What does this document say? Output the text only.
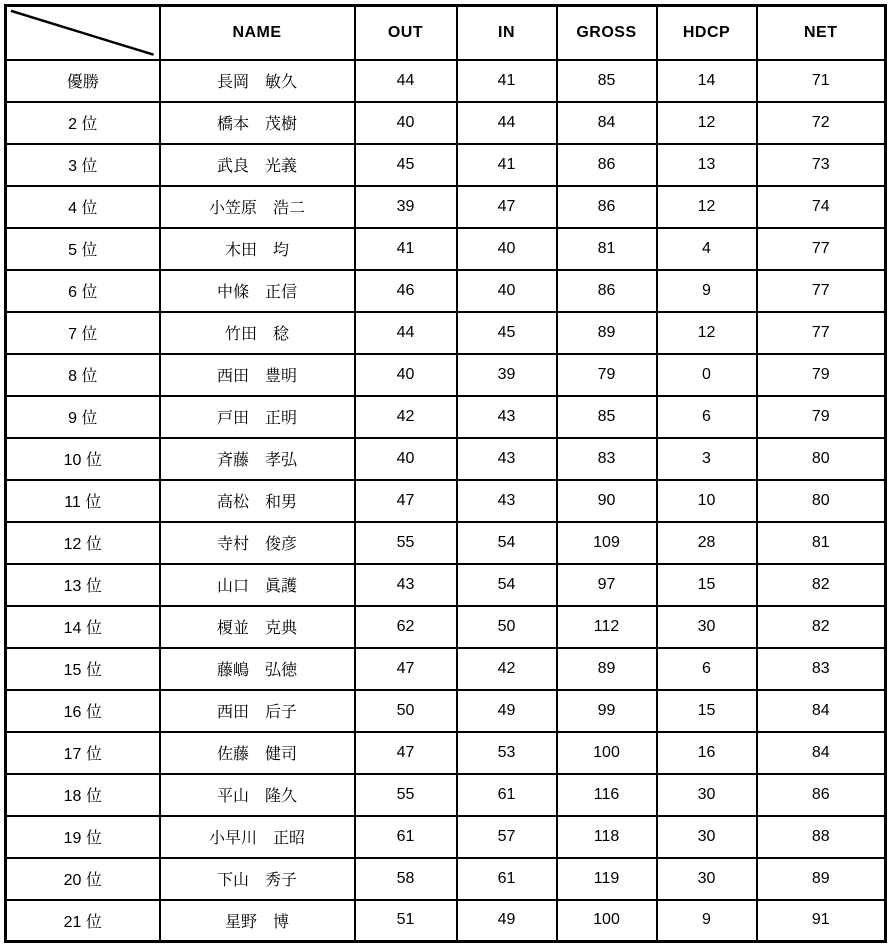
	NAME	OUT	IN	GROSS	HDCP	NET
優勝	長岡　敏久	44	41	85	14	71
2 位	橋本　茂樹	40	44	84	12	72
3 位	武良　光義	45	41	86	13	73
4 位	小笠原　浩二	39	47	86	12	74
5 位	木田　均	41	40	81	4	77
6 位	中條　正信	46	40	86	9	77
7 位	竹田　稔	44	45	89	12	77
8 位	西田　豊明	40	39	79	0	79
9 位	戸田　正明	42	43	85	6	79
10 位	斉藤　孝弘	40	43	83	3	80
11 位	高松　和男	47	43	90	10	80
12 位	寺村　俊彦	55	54	109	28	81
13 位	山口　眞護	43	54	97	15	82
14 位	榎並　克典	62	50	112	30	82
15 位	藤嶋　弘徳	47	42	89	6	83
16 位	西田　后子	50	49	99	15	84
17 位	佐藤　健司	47	53	100	16	84
18 位	平山　隆久	55	61	116	30	86
19 位	小早川　正昭	61	57	118	30	88
20 位	下山　秀子	58	61	119	30	89
21 位	星野　博	51	49	100	9	91
